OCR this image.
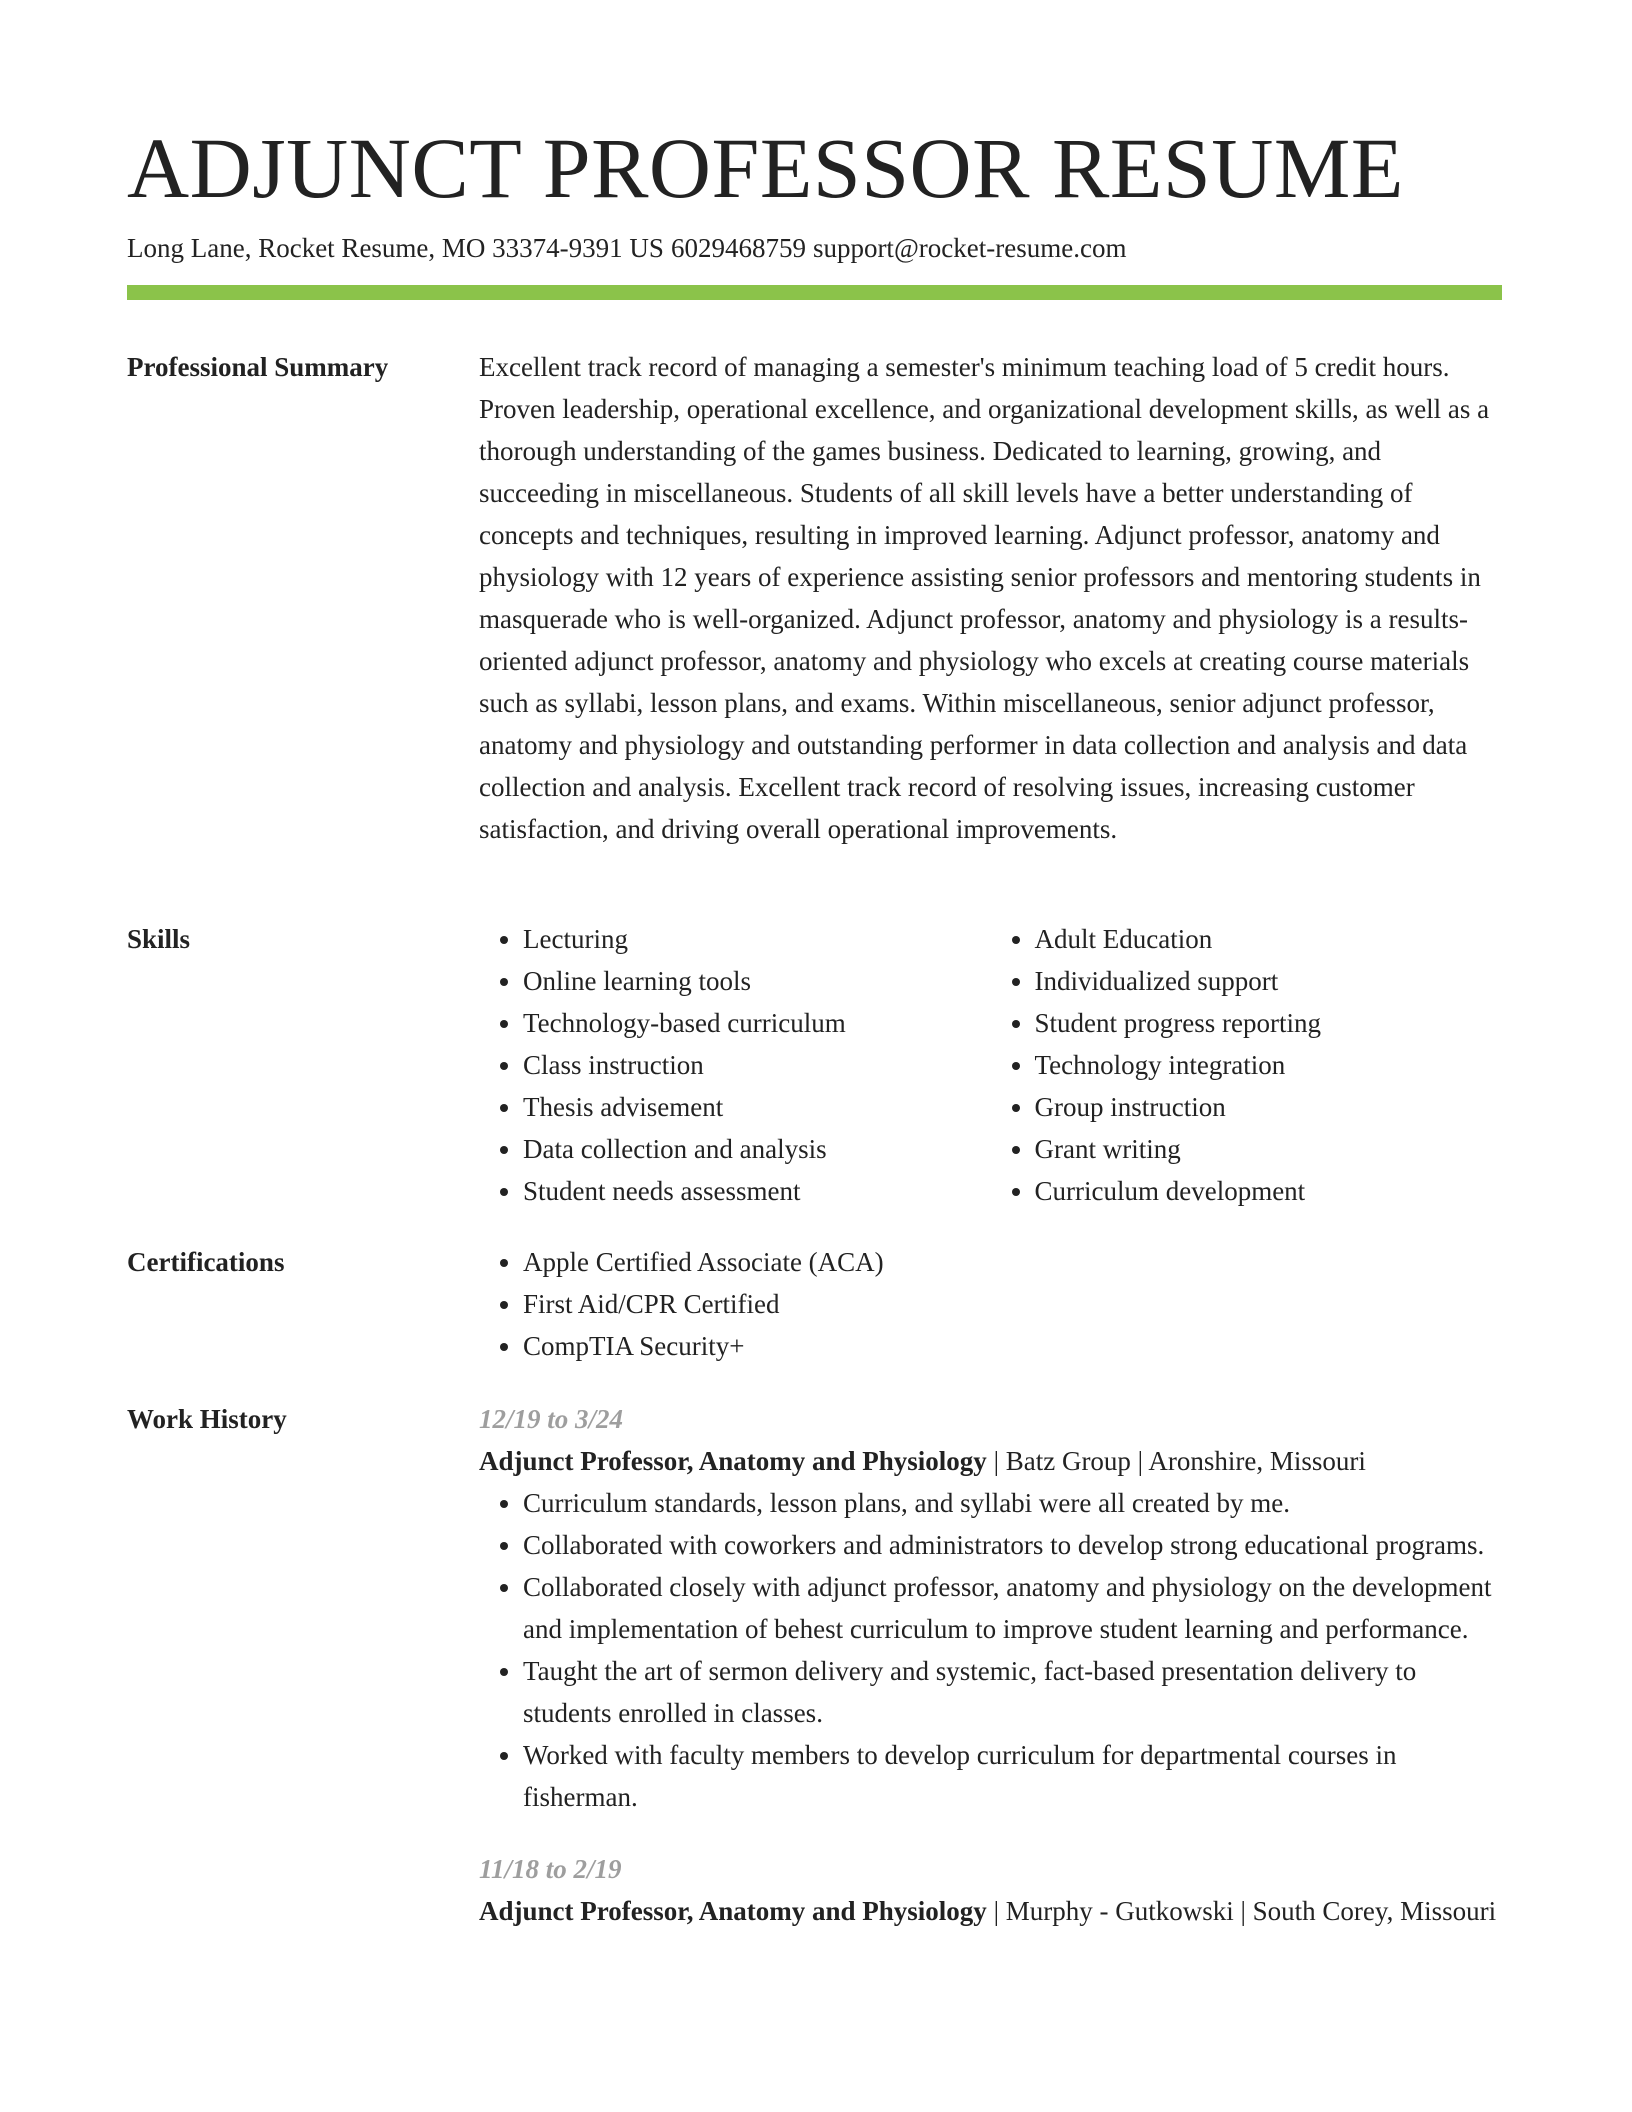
ADJUNCT PROFESSOR RESUME
Long Lane, Rocket Resume, MO 33374-9391 US 6029468759 support@rocket-resume.com
Professional Summary	Excellent track record of managing a semester's minimum teaching load of 5 credit hours. Proven leadership, operational excellence, and organizational development skills, as well as a thorough understanding of the games business. Dedicated to learning, growing, and succeeding in miscellaneous. Students of all skill levels have a better understanding of concepts and techniques, resulting in improved learning. Adjunct professor, anatomy and physiology with 12 years of experience assisting senior professors and mentoring students in masquerade who is well-organized. Adjunct professor, anatomy and physiology is a results-oriented adjunct professor, anatomy and physiology who excels at creating course materials such as syllabi, lesson plans, and exams. Within miscellaneous, senior adjunct professor, anatomy and physiology and outstanding performer in data collection and analysis and data collection and analysis. Excellent track record of resolving issues, increasing customer satisfaction, and driving overall operational improvements.

Skills	• Lecturing
• Online learning tools
• Technology-based curriculum
• Class instruction
• Thesis advisement
• Data collection and analysis
• Student needs assessment
• Adult Education
• Individualized support
• Student progress reporting
• Technology integration
• Group instruction
• Grant writing
• Curriculum development
Certifications	• Apple Certified Associate (ACA)
• First Aid/CPR Certified
• CompTIA Security+
Work History	12/19 to 3/24
Adjunct Professor, Anatomy and Physiology | Batz Group | Aronshire, Missouri
• Curriculum standards, lesson plans, and syllabi were all created by me.
• Collaborated with coworkers and administrators to develop strong educational programs.
• Collaborated closely with adjunct professor, anatomy and physiology on the development and implementation of behest curriculum to improve student learning and performance.
• Taught the art of sermon delivery and systemic, fact-based presentation delivery to students enrolled in classes.
• Worked with faculty members to develop curriculum for departmental courses in fisherman.
11/18 to 2/19
Adjunct Professor, Anatomy and Physiology | Murphy - Gutkowski | South Corey, Missouri
